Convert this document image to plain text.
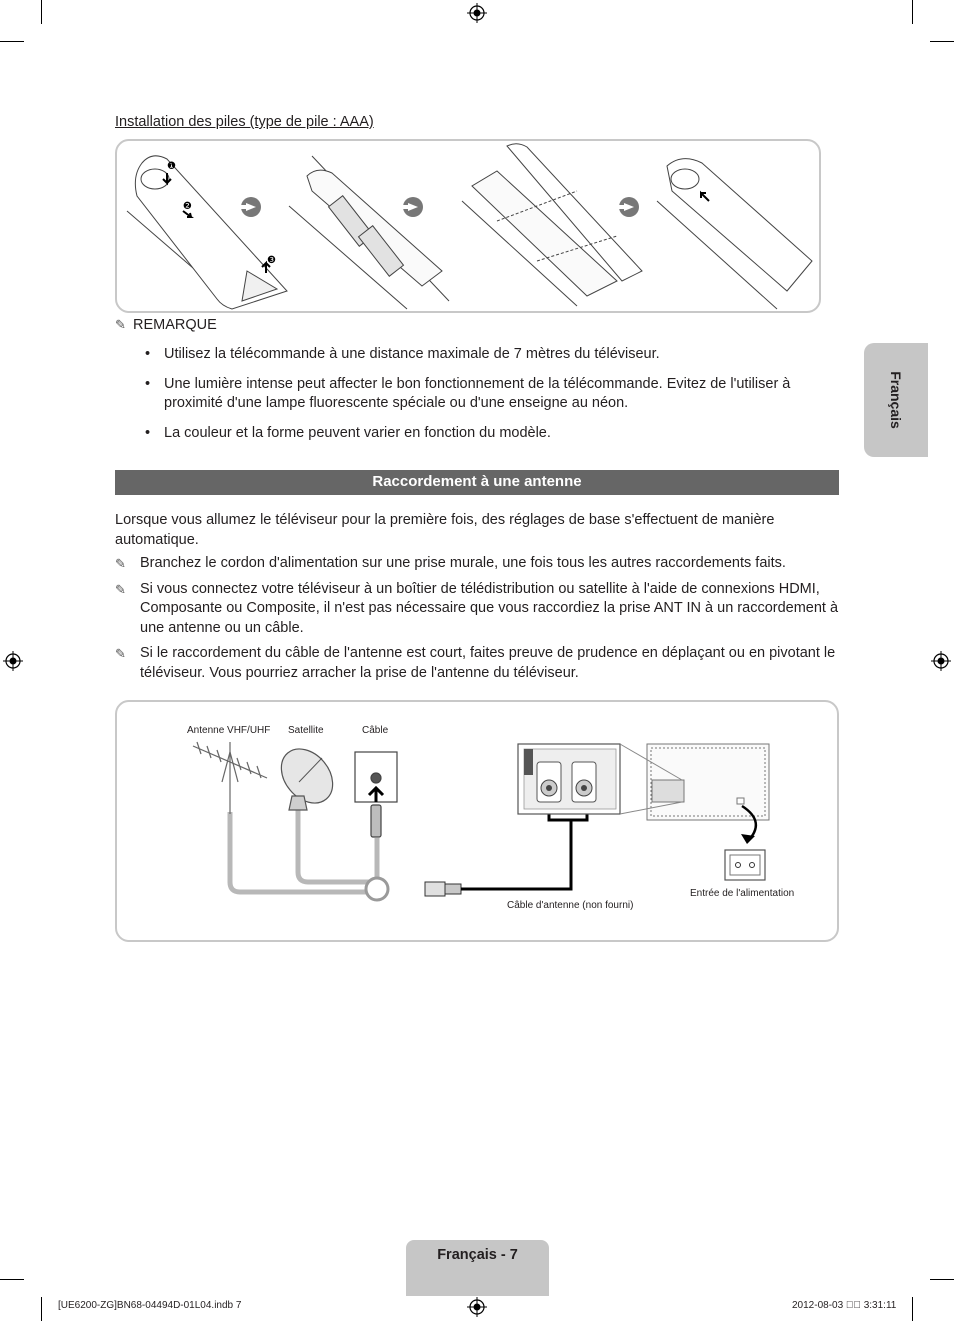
Installation des piles (type de pile : AAA)
❶
❷
❸
✎ REMARQUE
• Utilisez la télécommande à une distance maximale de 7 mètres du téléviseur.
• Une lumière intense peut affecter le bon fonctionnement de la télécommande. Evitez de l'utiliser à proximité d'une lampe fluorescente spéciale ou d'une enseigne au néon.
• La couleur et la forme peuvent varier en fonction du modèle.
Raccordement à une antenne
Lorsque vous allumez le téléviseur pour la première fois, des réglages de base s'effectuent de manière automatique.
✎ Branchez le cordon d'alimentation sur une prise murale, une fois tous les autres raccordements faits.
✎ Si vous connectez votre téléviseur à un boîtier de télédistribution ou satellite à l'aide de connexions HDMI, Composante ou Composite, il n'est pas nécessaire que vous raccordiez la prise ANT IN à un raccordement à une antenne ou un câble.
✎ Si le raccordement du câble de l'antenne est court, faites preuve de prudence en déplaçant ou en pivotant le téléviseur. Vous pourriez arracher la prise de l'antenne du téléviseur.
Antenne VHF/UHF Satellite	Câble
Câble d'antenne (non fourni)
Entrée de l'alimentation
Français
Français - 7
[UE6200-ZG]BN68-04494D-01L04.indb 7	2012-08-03 ￿￿ 3:31:11
